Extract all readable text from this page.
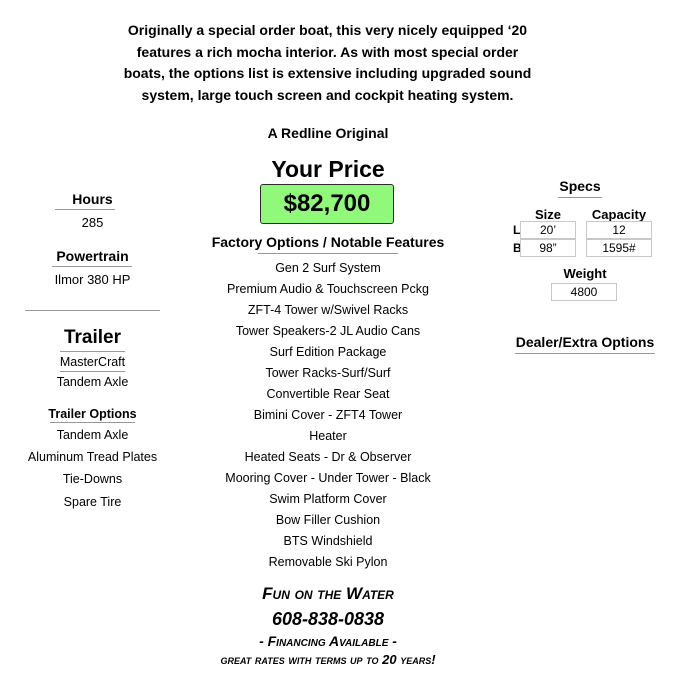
Originally a special order boat, this very nicely equipped ‘20 features a rich mocha interior. As with most special order boats, the options list is extensive including upgraded sound system, large touch screen and cockpit heating system.
A Redline Original
Your Price
$82,700
Factory Options / Notable Features
Gen 2 Surf System
Premium Audio & Touchscreen Pckg
ZFT-4 Tower w/Swivel Racks
Tower Speakers-2 JL Audio Cans
Surf Edition Package
Tower Racks-Surf/Surf
Convertible Rear Seat
Bimini Cover - ZFT4 Tower
Heater
Heated Seats - Dr & Observer
Mooring Cover - Under Tower - Black
Swim Platform Cover
Bow Filler Cushion
BTS Windshield
Removable Ski Pylon
Hours
285
Powertrain
Ilmor 380 HP
Trailer
MasterCraft
Tandem Axle
Trailer Options
Tandem Axle
Aluminum Tread Plates
Tie-Downs
Spare Tire
Specs
Size	Capacity
L
B
20’
98”
12
1595#
Weight
4800
Dealer/Extra Options
Fun on the Water
608-838-0838
- Financing Available -
great rates with terms up to 20 years!
